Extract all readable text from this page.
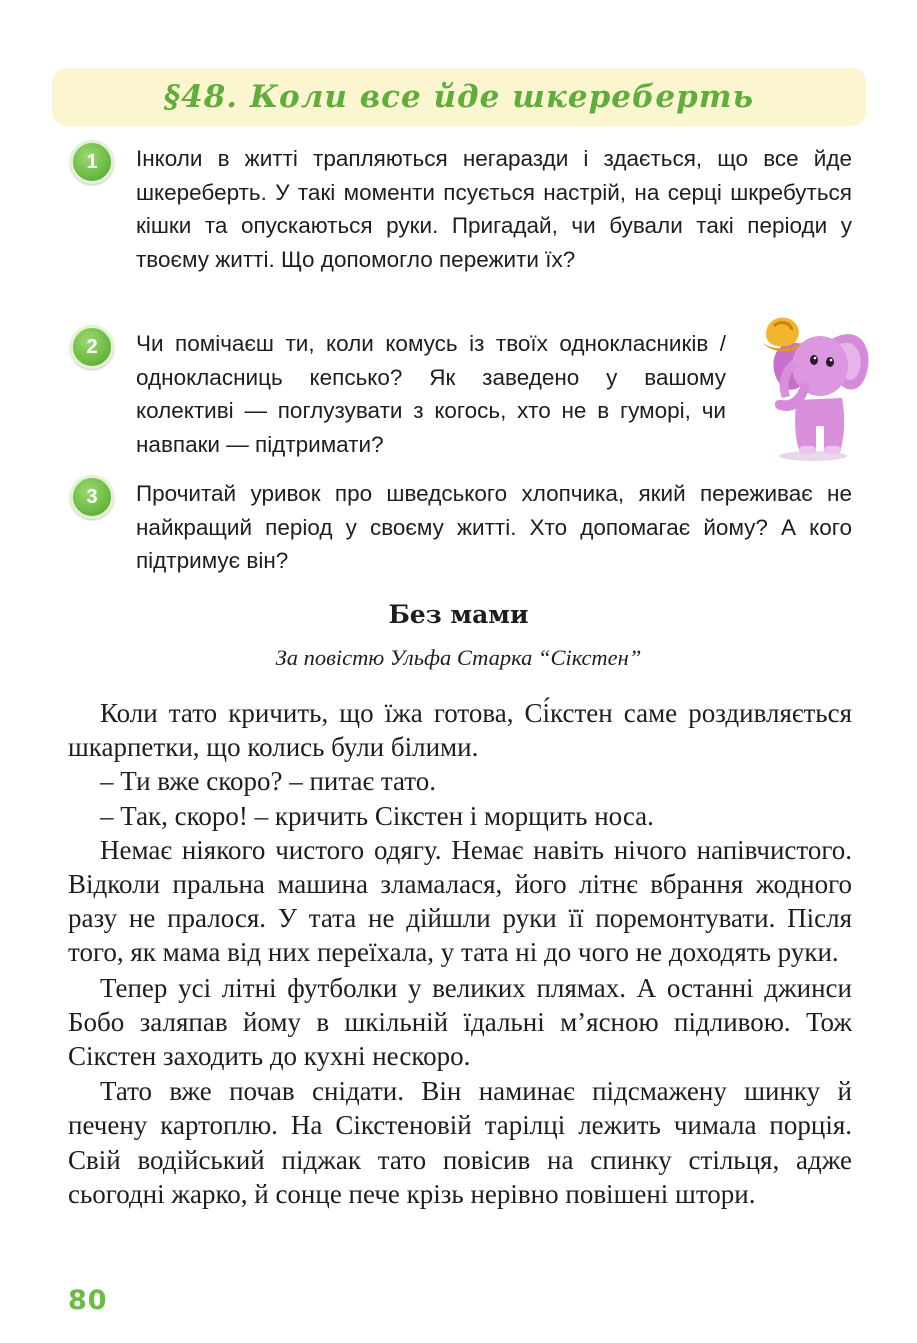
§48. Коли все йде шкереберть
1	Інколи в житті трапляються негаразди і здається, що все йде шкереберть. У такі моменти псується настрій, на серці шкребуться кішки та опускаються руки. Пригадай, чи бували такі періоди у твоєму житті. Що допомогло пережити їх?
2	Чи помічаєш ти, коли комусь із твоїх однокласників / однокласниць кепсько? Як заведено у вашому колективі — поглузувати з когось, хто не в гуморі, чи навпаки — підтримати?
3	Прочитай уривок про шведського хлопчика, який переживає не найкращий період у своєму житті. Хто допомагає йому? А кого підтримує він?
Без мами
За повістю Ульфа Старка “Сікстен”

Коли тато кричить, що їжа готова, Сі́кстен саме роздивляється шкарпетки, що колись були білими.

– Ти вже скоро? – питає тато.

– Так, скоро! – кричить Сікстен і морщить носа.

Немає ніякого чистого одягу. Немає навіть нічого напівчистого. Відколи пральна машина зламалася, його літнє вбрання жодного разу не пралося. У тата не дійшли руки її поремонтувати. Після того, як мама від них переїхала, у тата ні до чого не доходять руки.

Тепер усі літні футболки у великих плямах. А останні джинси Бобо заляпав йому в шкільній їдальні м’ясною підливою. Тож Сікстен заходить до кухні нескоро.

Тато вже почав снідати. Він наминає підсмажену шинку й печену картоплю. На Сікстеновій тарілці лежить чимала порція. Свій водійський піджак тато повісив на спинку стільця, адже сьогодні жарко, й сонце пече крізь нерівно повішені штори.

80
